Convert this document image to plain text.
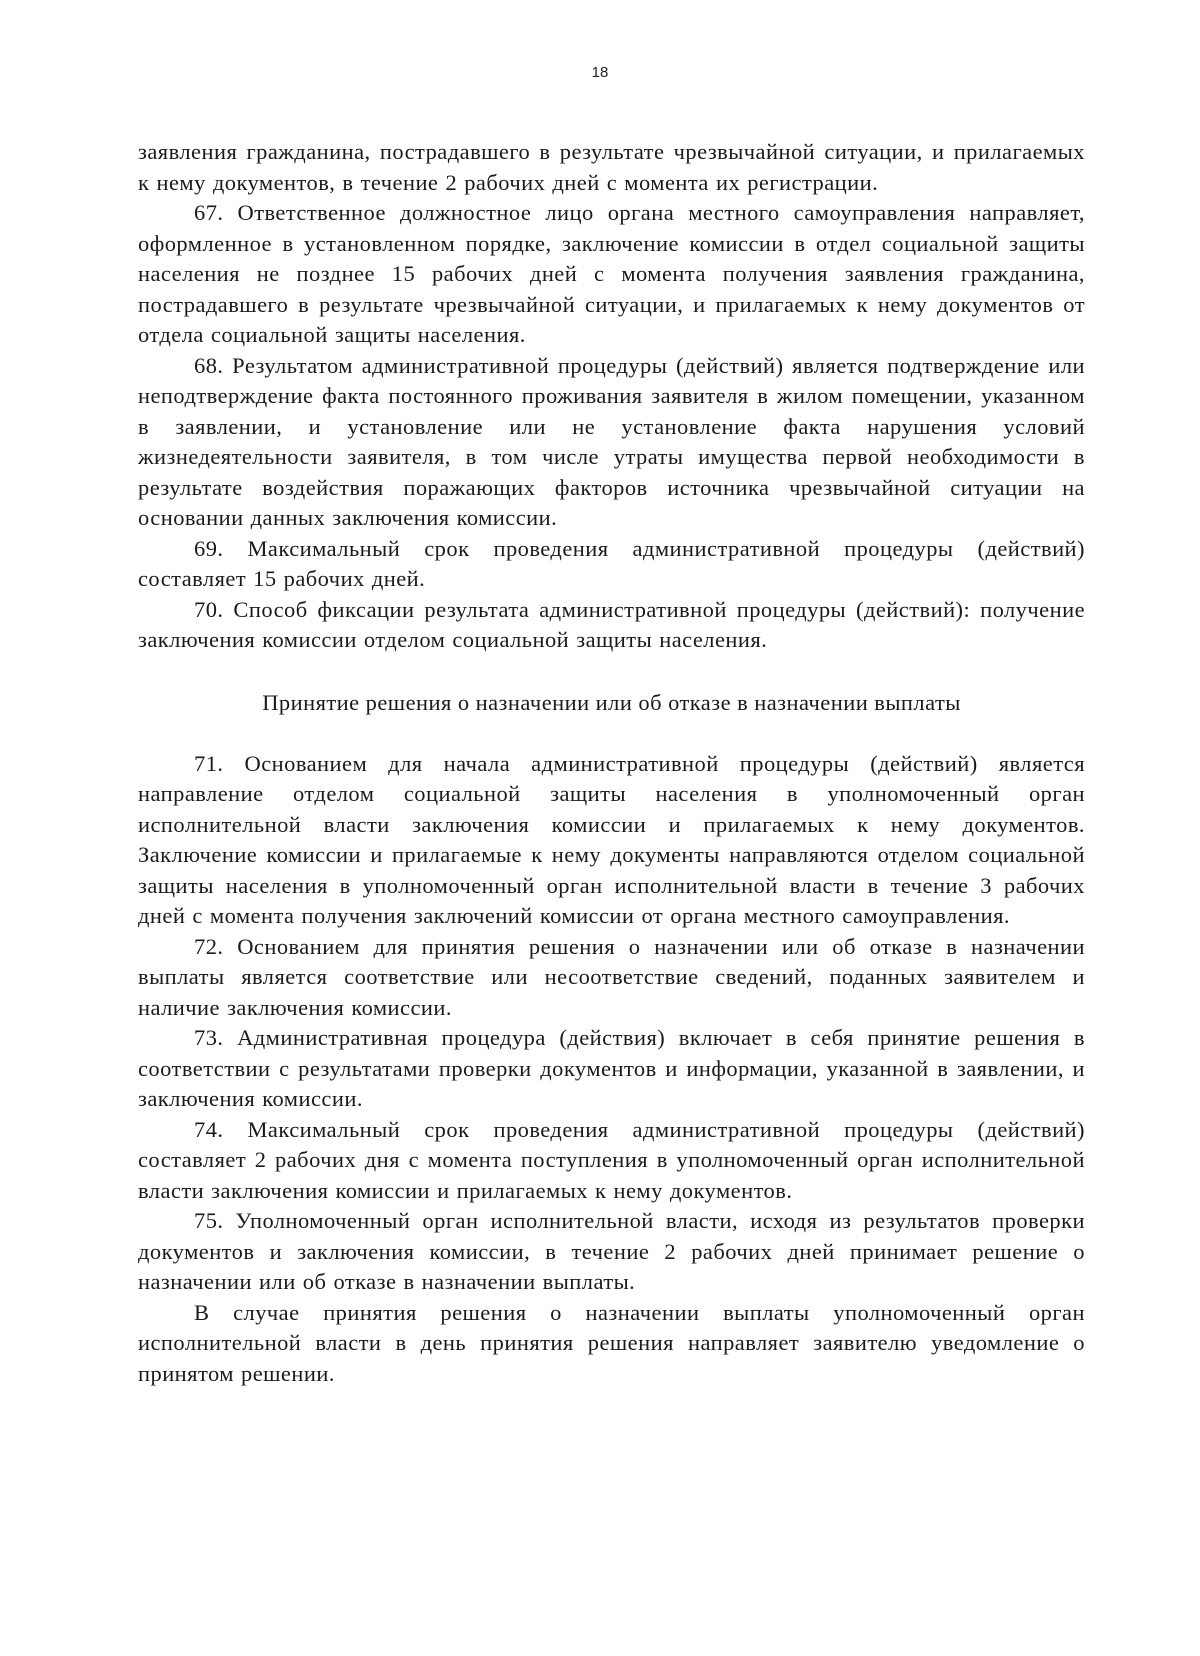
18

заявления гражданина, пострадавшего в результате чрезвычайной ситуации, и прилагаемых к нему документов, в течение 2 рабочих дней с момента их регистрации.

67. Ответственное должностное лицо органа местного самоуправления направляет, оформленное в установленном порядке, заключение комиссии в отдел социальной защиты населения не позднее 15 рабочих дней с момента получения заявления гражданина, пострадавшего в результате чрезвычайной ситуации, и прилагаемых к нему документов от отдела социальной защиты населения.

68. Результатом административной процедуры (действий) является подтверждение или неподтверждение факта постоянного проживания заявителя в жилом помещении, указанном в заявлении, и установление или не установление факта нарушения условий жизнедеятельности заявителя, в том числе утраты имущества первой необходимости в результате воздействия поражающих факторов источника чрезвычайной ситуации на основании данных заключения комиссии.

69. Максимальный срок проведения административной процедуры (действий) составляет 15 рабочих дней.

70. Способ фиксации результата административной процедуры (действий): получение заключения комиссии отделом социальной защиты населения.

Принятие решения о назначении или об отказе в назначении выплаты

71. Основанием для начала административной процедуры (действий) является направление отделом социальной защиты населения в уполномоченный орган исполнительной власти заключения комиссии и прилагаемых к нему документов. Заключение комиссии и прилагаемые к нему документы направляются отделом социальной защиты населения в уполномоченный орган исполнительной власти в течение 3 рабочих дней с момента получения заключений комиссии от органа местного самоуправления.

72. Основанием для принятия решения о назначении или об отказе в назначении выплаты является соответствие или несоответствие сведений, поданных заявителем и наличие заключения комиссии.

73. Административная процедура (действия) включает в себя принятие решения в соответствии с результатами проверки документов и информации, указанной в заявлении, и заключения комиссии.

74. Максимальный срок проведения административной процедуры (действий) составляет 2 рабочих дня с момента поступления в уполномоченный орган исполнительной власти заключения комиссии и прилагаемых к нему документов.

75. Уполномоченный орган исполнительной власти, исходя из результатов проверки документов и заключения комиссии, в течение 2 рабочих дней принимает решение о назначении или об отказе в назначении выплаты.

В случае принятия решения о назначении выплаты уполномоченный орган исполнительной власти в день принятия решения направляет заявителю уведомление о принятом решении.
